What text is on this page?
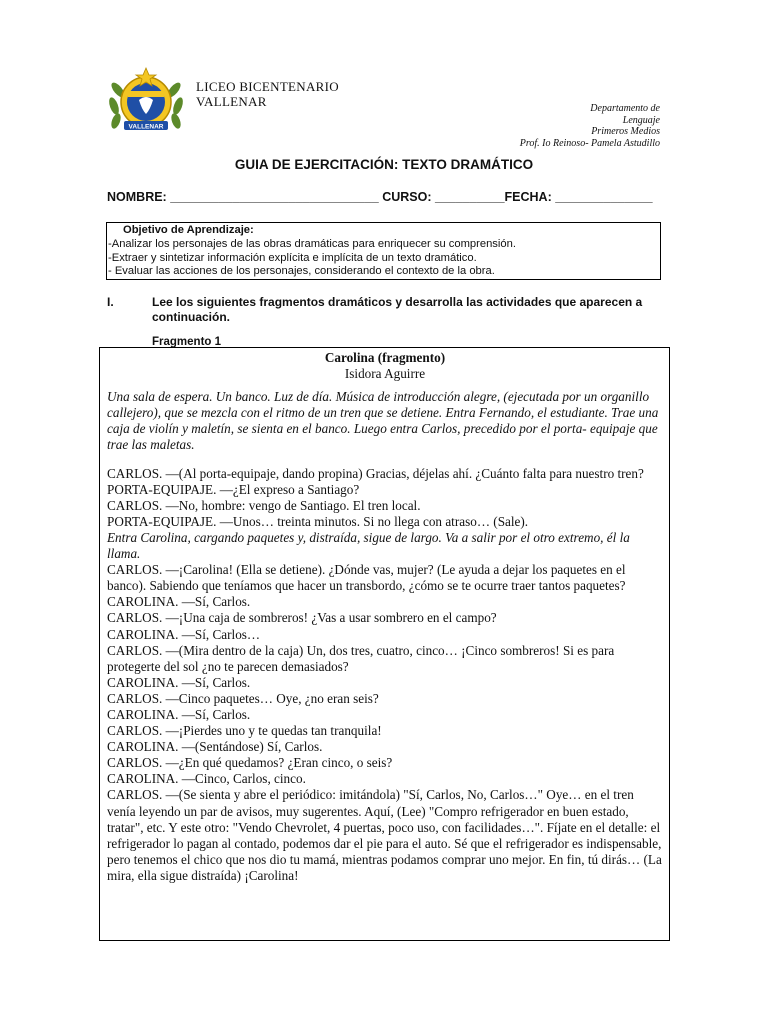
VALLENAR
LICEO BICENTENARIO
VALLENAR	Departamento de
Lenguaje
Primeros Medios
Prof. Io Reinoso- Pamela Astudillo
GUIA DE EJERCITACIÓN: TEXTO DRAMÁTICO
NOMBRE: ______________________________ CURSO: __________FECHA: ______________
Objetivo de Aprendizaje:
-Analizar los personajes de las obras dramáticas para enriquecer su comprensión.
-Extraer y sintetizar información explícita e implícita de un texto dramático.
- Evaluar las acciones de los personajes, considerando el contexto de la obra.
I.	Lee los siguientes fragmentos dramáticos y desarrolla las actividades que aparecen a continuación.
Fragmento 1
Carolina (fragmento)
Isidora Aguirre
Una sala de espera. Un banco. Luz de día. Música de introducción alegre, (ejecutada por un organillo callejero), que se mezcla con el ritmo de un tren que se detiene. Entra Fernando, el estudiante. Trae una caja de violín y maletín, se sienta en el banco. Luego entra Carlos, precedido por el porta- equipaje que trae las maletas.

CARLOS. —(Al porta-equipaje, dando propina) Gracias, déjelas ahí. ¿Cuánto falta para nuestro tren?

PORTA-EQUIPAJE. —¿El expreso a Santiago?

CARLOS. —No, hombre: vengo de Santiago. El tren local.

PORTA-EQUIPAJE. —Unos… treinta minutos. Si no llega con atraso… (Sale).

Entra Carolina, cargando paquetes y, distraída, sigue de largo. Va a salir por el otro extremo, él la llama.

CARLOS. —¡Carolina! (Ella se detiene). ¿Dónde vas, mujer? (Le ayuda a dejar los paquetes en el banco). Sabiendo que teníamos que hacer un transbordo, ¿cómo se te ocurre traer tantos paquetes?

CAROLINA. —Sí, Carlos.

CARLOS. —¡Una caja de sombreros! ¿Vas a usar sombrero en el campo?

CAROLINA. —Sí, Carlos…

CARLOS. —(Mira dentro de la caja) Un, dos tres, cuatro, cinco… ¡Cinco sombreros! Si es para protegerte del sol ¿no te parecen demasiados?

CAROLINA. —Sí, Carlos.

CARLOS. —Cinco paquetes… Oye, ¿no eran seis?

CAROLINA. —Sí, Carlos.

CARLOS. —¡Pierdes uno y te quedas tan tranquila!

CAROLINA. —(Sentándose) Sí, Carlos.

CARLOS. —¿En qué quedamos? ¿Eran cinco, o seis?

CAROLINA. —Cinco, Carlos, cinco.

CARLOS. —(Se sienta y abre el periódico: imitándola) "Sí, Carlos, No, Carlos…" Oye… en el tren venía leyendo un par de avisos, muy sugerentes. Aquí, (Lee) "Compro refrigerador en buen estado, tratar", etc. Y este otro: "Vendo Chevrolet, 4 puertas, poco uso, con facilidades…". Fíjate en el detalle: el refrigerador lo pagan al contado, podemos dar el pie para el auto. Sé que el refrigerador es indispensable, pero tenemos el chico que nos dio tu mamá, mientras podamos comprar uno mejor. En fin, tú dirás… (La mira, ella sigue distraída) ¡Carolina!
